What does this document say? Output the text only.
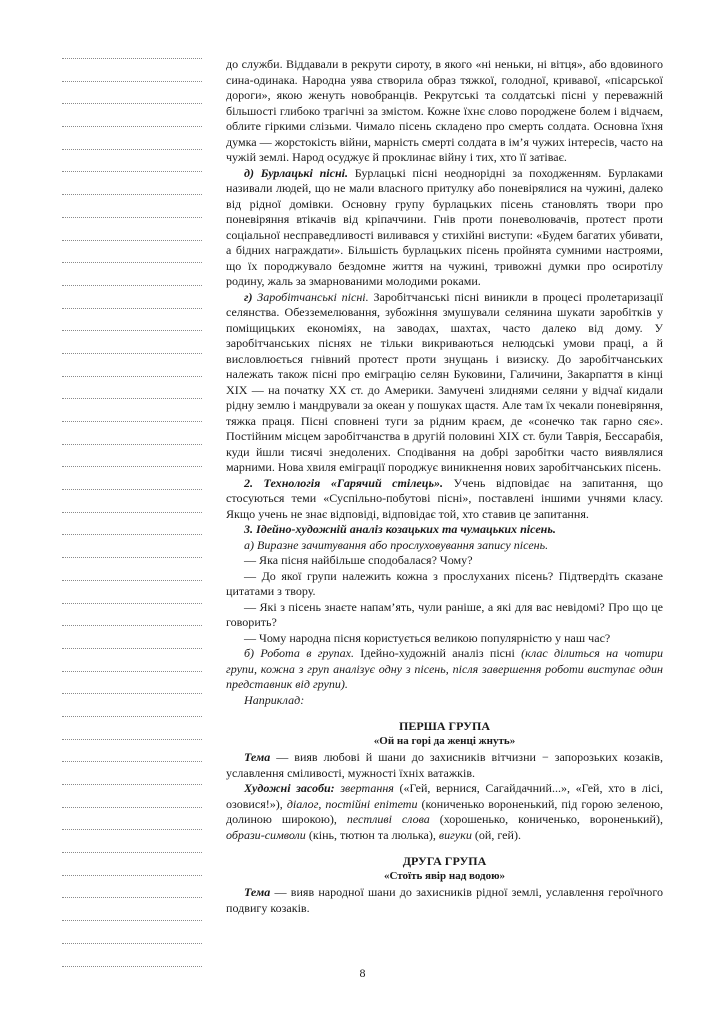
до служби. Віддавали в рекрути сироту, в якого «ні неньки, ні вітця», або вдовиного сина-одинака. Народна уява створила образ тяжкої, голодної, кривавої, «пісарської дороги», якою женуть новобранців. Рекрутські та солдатські пісні у переважній більшості глибоко трагічні за змістом. Кожне їхнє слово породжене болем і відчаєм, облите гіркими слізьми. Чимало пісень складено про смерть солдата. Основна їхня думка — жорстокість війни, марність смерті солдата в ім’я чужих інтересів, часто на чужій землі. Народ осуджує й проклинає війну і тих, хто її затіває.

д) Бурлацькі пісні. Бурлацькі пісні неоднорідні за походженням. Бурлаками називали людей, що не мали власного притулку або поневірялися на чужині, далеко від рідної домівки. Основну групу бурлацьких пісень становлять твори про поневіряння втікачів від кріпаччини. Гнів проти поневолювачів, протест проти соціальної несправедливості виливався у стихійні виступи: «Будем багатих убивати, а бідних награждати». Більшість бурлацьких пісень пройнята сумними настроями, що їх породжувало бездомне життя на чужині, тривожні думки про осиротілу родину, жаль за змарнованими молодими роками.

г) Заробітчанські пісні. Заробітчанські пісні виникли в процесі пролетаризації селянства. Обезземелювання, зубожіння змушували селянина шукати заробітків у поміщицьких економіях, на заводах, шахтах, часто далеко від дому. У заробітчанських піснях не тільки викриваються нелюдські умови праці, а й висловлюється гнівний протест проти знущань і визиску. До заробітчанських належать також пісні про еміграцію селян Буковини, Галичини, Закарпаття в кінці XIX — на початку XX ст. до Америки. Замучені злиднями селяни у відчаї кидали рідну землю і мандрували за океан у пошуках щастя. Але там їх чекали поневіряння, тяжка праця. Пісні сповнені туги за рідним краєм, де «сонечко так гарно сяє». Постійним місцем заробітчанства в другій половині XIX ст. були Таврія, Бессарабія, куди йшли тисячі знедолених. Сподівання на добрі заробітки часто виявлялися марними. Нова хвиля еміграції породжує виникнення нових заробітчанських пісень.

2. Технологія «Гарячий стілець». Учень відповідає на запитання, що стосуються теми «Суспільно-побутові пісні», поставлені іншими учнями класу. Якщо учень не знає відповіді, відповідає той, хто ставив це запитання.

3. Ідейно-художній аналіз козацьких та чумацьких пісень.

а) Виразне зачитування або прослуховування запису пісень.

— Яка пісня найбільше сподобалася? Чому?

— До якої групи належить кожна з прослуханих пісень? Підтвердіть сказане цитатами з твору.

— Які з пісень знаєте напам’ять, чули раніше, а які для вас невідомі? Про що це говорить?

— Чому народна пісня користується великою популярністю у наш час?

б) Робота в групах. Ідейно-художній аналіз пісні (клас ділиться на чотири групи, кожна з груп аналізує одну з пісень, після завершення роботи виступає один представник від групи).

Наприклад:

ПЕРША ГРУПА
«Ой на горі да женці жнуть»

Тема — вияв любові й шани до захисників вітчизни − запорозьких козаків, уславлення сміливості, мужності їхніх ватажків.

Художні засоби: звертання («Гей, вернися, Сагайдачний...», «Гей, хто в лісі, озовися!»), діалог, постійні епітети (кониченько вороненький, під горою зеленою, долиною широкою), пестливі слова (хорошенько, кониченько, вороненький), образи-символи (кінь, тютюн та люлька), вигуки (ой, гей).

ДРУГА ГРУПА
«Стоїть явір над водою»

Тема — вияв народної шани до захисників рідної землі, уславлення героїчного подвигу козаків.

8
